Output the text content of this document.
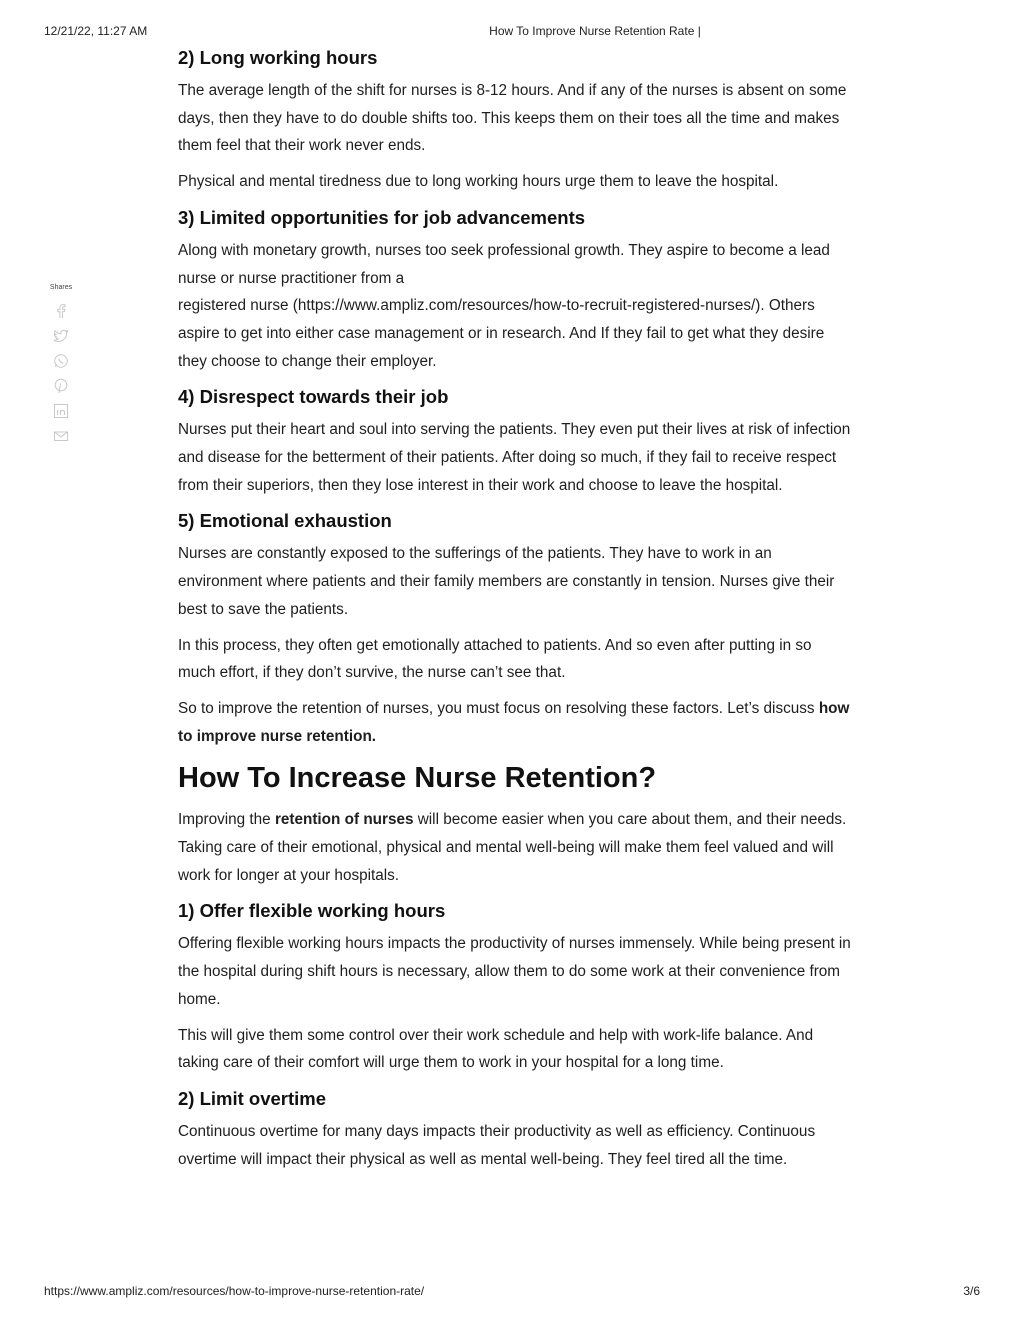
12/21/22, 11:27 AM	How To Improve Nurse Retention Rate |
Shares
2) Long working hours

The average length of the shift for nurses is 8-12 hours. And if any of the nurses is absent on some days, then they have to do double shifts too. This keeps them on their toes all the time and makes them feel that their work never ends.

Physical and mental tiredness due to long working hours urge them to leave the hospital.

3) Limited opportunities for job advancements

Along with monetary growth, nurses too seek professional growth. They aspire to become a lead nurse or nurse practitioner from a
registered nurse (https://www.ampliz.com/resources/how-to-recruit-registered-nurses/). Others aspire to get into either case management or in research. And If they fail to get what they desire they choose to change their employer.

4) Disrespect towards their job

Nurses put their heart and soul into serving the patients. They even put their lives at risk of infection and disease for the betterment of their patients. After doing so much, if they fail to receive respect from their superiors, then they lose interest in their work and choose to leave the hospital.

5) Emotional exhaustion

Nurses are constantly exposed to the sufferings of the patients. They have to work in an environment where patients and their family members are constantly in tension. Nurses give their best to save the patients.

In this process, they often get emotionally attached to patients. And so even after putting in so much effort, if they don’t survive, the nurse can’t see that.

So to improve the retention of nurses, you must focus on resolving these factors. Let’s discuss how to improve nurse retention.

How To Increase Nurse Retention?

Improving the retention of nurses will become easier when you care about them, and their needs. Taking care of their emotional, physical and mental well-being will make them feel valued and will work for longer at your hospitals.

1) Offer flexible working hours

Offering flexible working hours impacts the productivity of nurses immensely. While being present in the hospital during shift hours is necessary, allow them to do some work at their convenience from home.

This will give them some control over their work schedule and help with work-life balance. And taking care of their comfort will urge them to work in your hospital for a long time.

2) Limit overtime

Continuous overtime for many days impacts their productivity as well as efficiency. Continuous overtime will impact their physical as well as mental well-being. They feel tired all the time.

https://www.ampliz.com/resources/how-to-improve-nurse-retention-rate/	3/6
